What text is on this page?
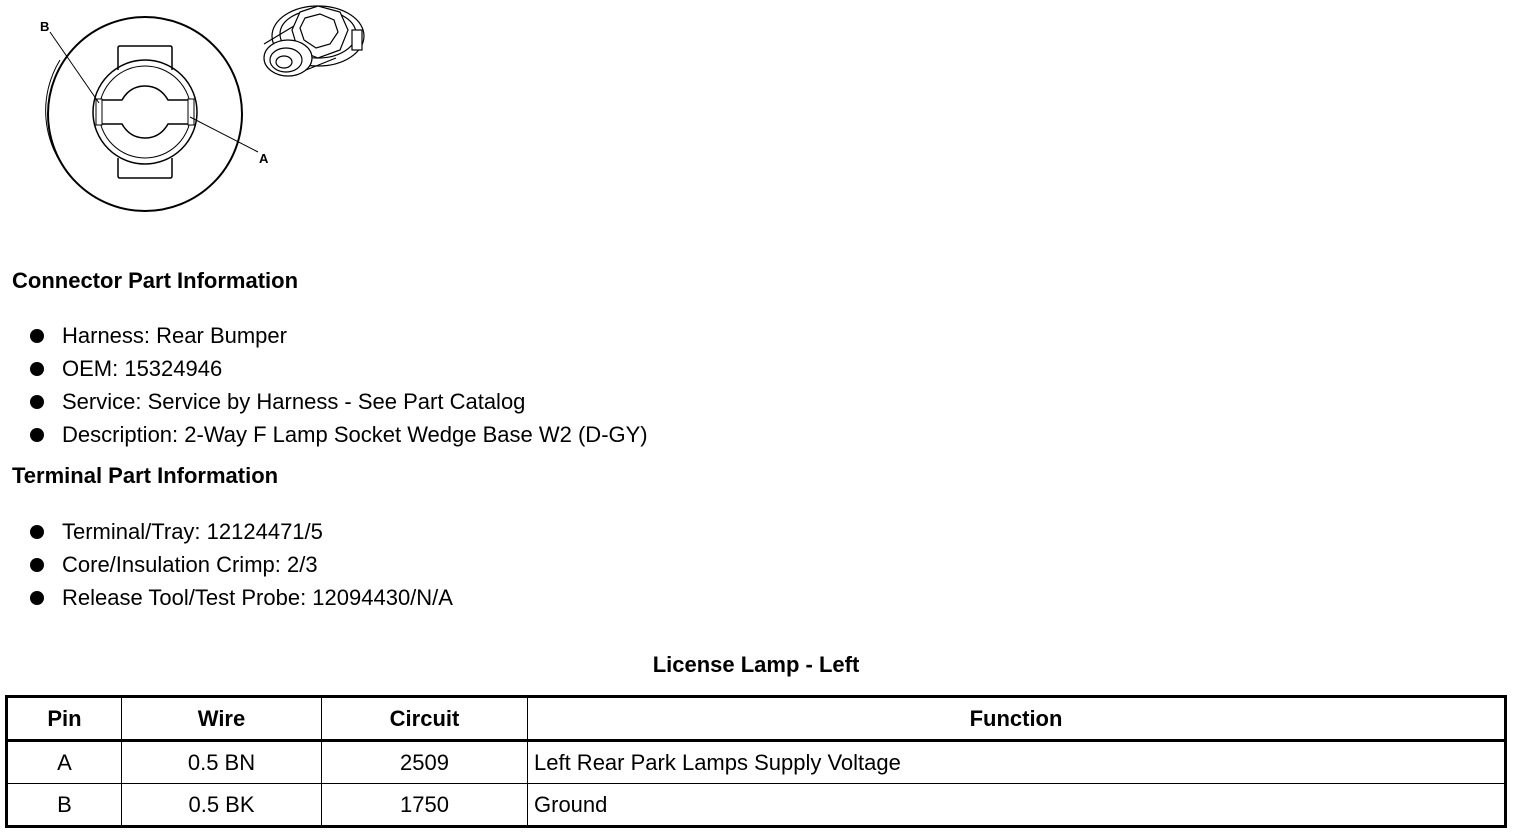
B
A
Connector Part Information
Harness: Rear Bumper
OEM: 15324946
Service: Service by Harness - See Part Catalog
Description: 2-Way F Lamp Socket Wedge Base W2 (D-GY)
Terminal Part Information
Terminal/Tray: 12124471/5
Core/Insulation Crimp: 2/3
Release Tool/Test Probe: 12094430/N/A
License Lamp - Left
Pin	Wire	Circuit	Function
A	0.5 BN	2509	Left Rear Park Lamps Supply Voltage
B	0.5 BK	1750	Ground
